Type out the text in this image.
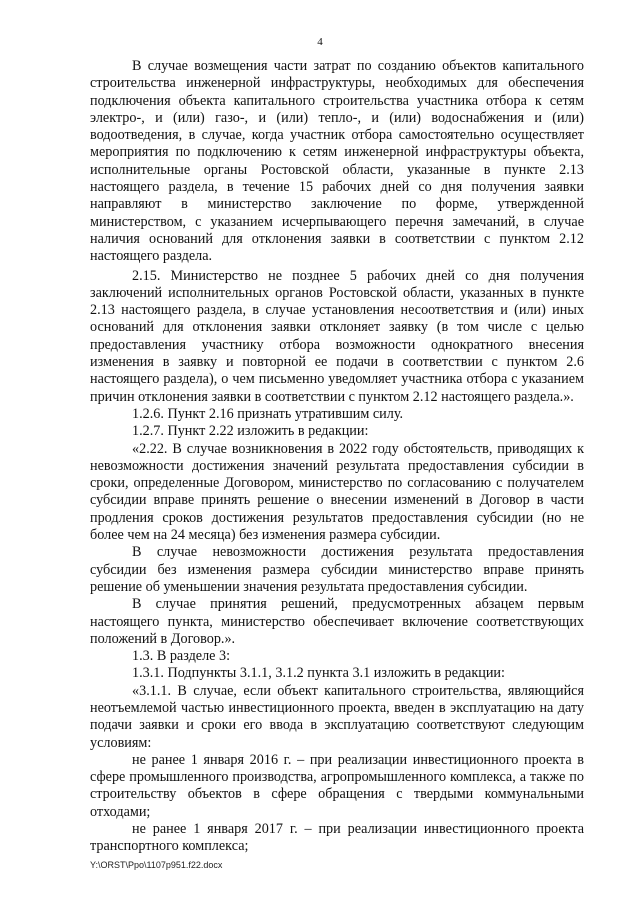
4

В случае возмещения части затрат по созданию объектов капитального строительства инженерной инфраструктуры, необходимых для обеспечения подключения объекта капитального строительства участника отбора к сетям электро-, и (или) газо-, и (или) тепло-, и (или) водоснабжения и (или) водоотведения, в случае, когда участник отбора самостоятельно осуществляет мероприятия по подключению к сетям инженерной инфраструктуры объекта, исполнительные органы Ростовской области, указанные в пункте 2.13 настоящего раздела, в течение 15 рабочих дней со дня получения заявки направляют в министерство заключение по форме, утвержденной министерством, с указанием исчерпывающего перечня замечаний, в случае наличия оснований для отклонения заявки в соответствии с пунктом 2.12 настоящего раздела.

2.15. Министерство не позднее 5 рабочих дней со дня получения заключений исполнительных органов Ростовской области, указанных в пункте 2.13 настоящего раздела, в случае установления несоответствия и (или) иных оснований для отклонения заявки отклоняет заявку (в том числе с целью предоставления участнику отбора возможности однократного внесения изменения в заявку и повторной ее подачи в соответствии с пунктом 2.6 настоящего раздела), о чем письменно уведомляет участника отбора с указанием причин отклонения заявки в соответствии с пунктом 2.12 настоящего раздела.».

1.2.6. Пункт 2.16 признать утратившим силу.

1.2.7. Пункт 2.22 изложить в редакции:

«2.22. В случае возникновения в 2022 году обстоятельств, приводящих к невозможности достижения значений результата предоставления субсидии в сроки, определенные Договором, министерство по согласованию с получателем субсидии вправе принять решение о внесении изменений в Договор в части продления сроков достижения результатов предоставления субсидии (но не более чем на 24 месяца) без изменения размера субсидии.

В случае невозможности достижения результата предоставления субсидии без изменения размера субсидии министерство вправе принять решение об уменьшении значения результата предоставления субсидии.

В случае принятия решений, предусмотренных абзацем первым настоящего пункта, министерство обеспечивает включение соответствующих положений в Договор.».

1.3. В разделе 3:

1.3.1. Подпункты 3.1.1, 3.1.2 пункта 3.1 изложить в редакции:

«3.1.1. В случае, если объект капитального строительства, являющийся неотъемлемой частью инвестиционного проекта, введен в эксплуатацию на дату подачи заявки и сроки его ввода в эксплуатацию соответствуют следующим условиям:

не ранее 1 января 2016 г. – при реализации инвестиционного проекта в сфере промышленного производства, агропромышленного комплекса, а также по строительству объектов в сфере обращения с твердыми коммунальными отходами;

не ранее 1 января 2017 г. – при реализации инвестиционного проекта транспортного комплекса;

Y:\ORST\Ppo\1107p951.f22.docx
